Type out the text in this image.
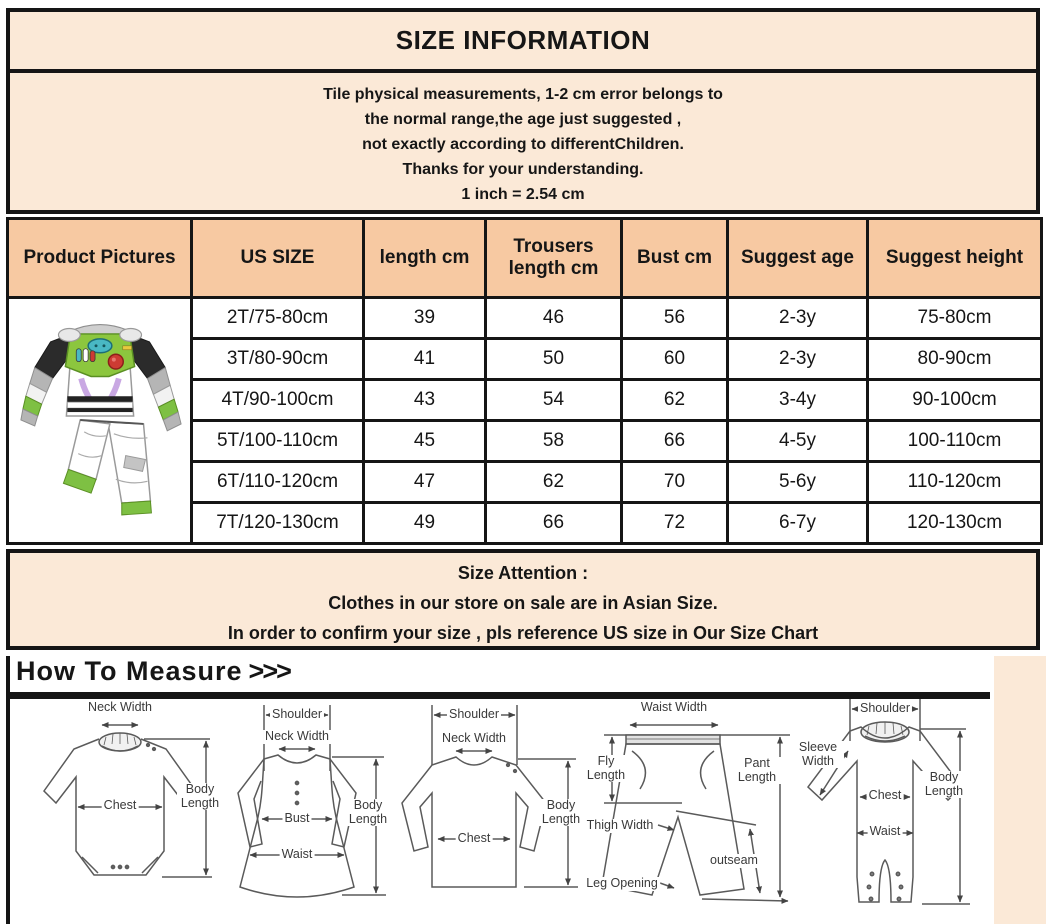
SIZE INFORMATION
Tile physical measurements, 1-2 cm error belongs to
the normal range,the age just suggested ,
not exactly according to differentChildren.
Thanks for your understanding.
1 inch = 2.54 cm
Product Pictures	US SIZE	length cm	Trousers length cm	Bust cm	Suggest age	Suggest height
	2T/75-80cm	39	46	56	2-3y	75-80cm
	3T/80-90cm	41	50	60	2-3y	80-90cm
	4T/90-100cm	43	54	62	3-4y	90-100cm
	5T/100-110cm	45	58	66	4-5y	100-110cm
	6T/110-120cm	47	62	70	5-6y	110-120cm
	7T/120-130cm	49	66	72	6-7y	120-130cm
Size Attention :
Clothes in our store on sale are in Asian Size.
In order to confirm your size , pls reference US size in Our Size Chart
How To Measure >>>
Neck Width
Chest
Body Length
Shoulder
Neck Width
Bust
Waist
Body Length
Shoulder
Neck Width
Chest
Body Length
Waist Width
Fly Length
Thigh Width
outseam
Leg Opening
Pant Length
Shoulder
Sleeve Width
Chest
Waist
Body Length
